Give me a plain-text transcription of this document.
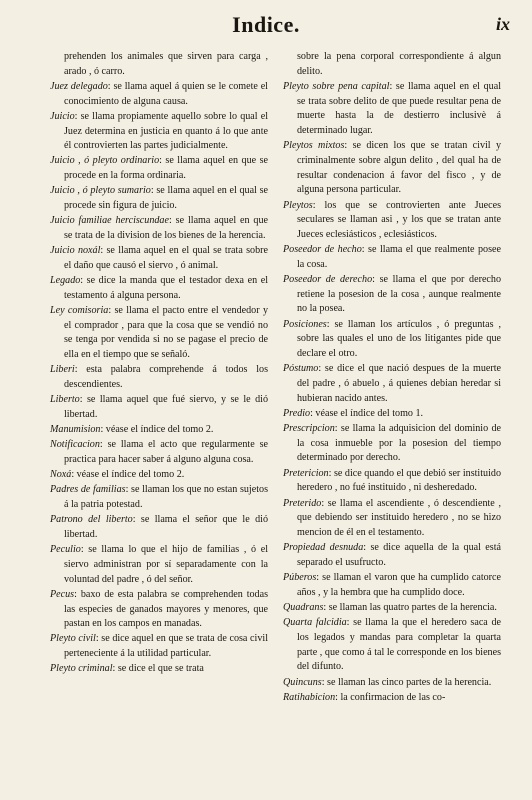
Indice.	ix

prehenden los animales que sirven para carga , arado , ó carro.

Juez delegado: se llama aquel á quien se le comete el conocimiento de alguna causa.

Juicio: se llama propiamente aquello sobre lo qual el Juez determina en justicia en quanto á lo que ante él controvierten las partes judicialmente.

Juicio , ó pleyto ordinario: se llama aquel en que se procede en la forma ordinaria.

Juicio , ó pleyto sumario: se llama aquel en el qual se procede sin figura de juicio.

Juicio familiae herciscundae: se llama aquel en que se trata de la division de los bienes de la herencia.

Juicio noxál: se llama aquel en el qual se trata sobre el daño que causó el siervo , ó animal.

Legado: se dice la manda que el testador dexa en el testamento á alguna persona.

Ley comisoria: se llama el pacto entre el vendedor y el comprador , para que la cosa que se vendió no se tenga por vendida si no se pagase el precio de ella en el tiempo que se señaló.

Liberi: esta palabra comprehende á todos los descendientes.

Liberto: se llama aquel que fué siervo, y se le dió libertad.

Manumision: véase el índice del tomo 2.

Notificacion: se llama el acto que regularmente se practica para hacer saber á alguno alguna cosa.

Noxá: véase el índice del tomo 2.

Padres de familias: se llaman los que no estan sujetos á la patria potestad.

Patrono del liberto: se llama el señor que le dió libertad.

Peculio: se llama lo que el hijo de familias , ó el siervo administran por sí separadamente con la voluntad del padre , ó del señor.

Pecus: baxo de esta palabra se comprehenden todas las especies de ganados mayores y menores, que pastan en los campos en manadas.

Pleyto civil: se dice aquel en que se trata de cosa civil perteneciente á la utilidad particular.

Pleyto criminal: se dice el que se trata

sobre la pena corporal correspondiente á algun delito.

Pleyto sobre pena capital: se llama aquel en el qual se trata sobre delito de que puede resultar pena de muerte hasta la de destierro inclusivè á determinado lugar.

Pleytos mixtos: se dicen los que se tratan civil y criminalmente sobre algun delito , del qual ha de resultar condenacion á favor del fisco , y de alguna persona particular.

Pleytos: los que se controvierten ante Jueces seculares se llaman asi , y los que se tratan ante Jueces eclesiásticos , eclesiásticos.

Poseedor de hecho: se llama el que realmente posee la cosa.

Poseedor de derecho: se llama el que por derecho retiene la posesion de la cosa , aunque realmente no la posea.

Posiciones: se llaman los artículos , ó preguntas , sobre las quales el uno de los litigantes pide que declare el otro.

Póstumo: se dice el que nació despues de la muerte del padre , ó abuelo , á quienes debian heredar si hubieran nacido antes.

Predio: véase el índice del tomo 1.

Prescripcion: se llama la adquisicion del dominio de la cosa inmueble por la posesion del tiempo determinado por derecho.

Pretericion: se dice quando el que debió ser instituido heredero , no fué instituido , ni desheredado.

Preterido: se llama el ascendiente , ó descendiente , que debiendo ser instituido heredero , no se hizo mencion de él en el testamento.

Propiedad desnuda: se dice aquella de la qual está separado el usufructo.

Púberos: se llaman el varon que ha cumplido catorce años , y la hembra que ha cumplido doce.

Quadrans: se llaman las quatro partes de la herencia.

Quarta falcidia: se llama la que el heredero saca de los legados y mandas para completar la quarta parte , que como á tal le corresponde en los bienes del difunto.

Quincuns: se llaman las cinco partes de la herencia.

Ratihabicion: la confirmacion de las co-
